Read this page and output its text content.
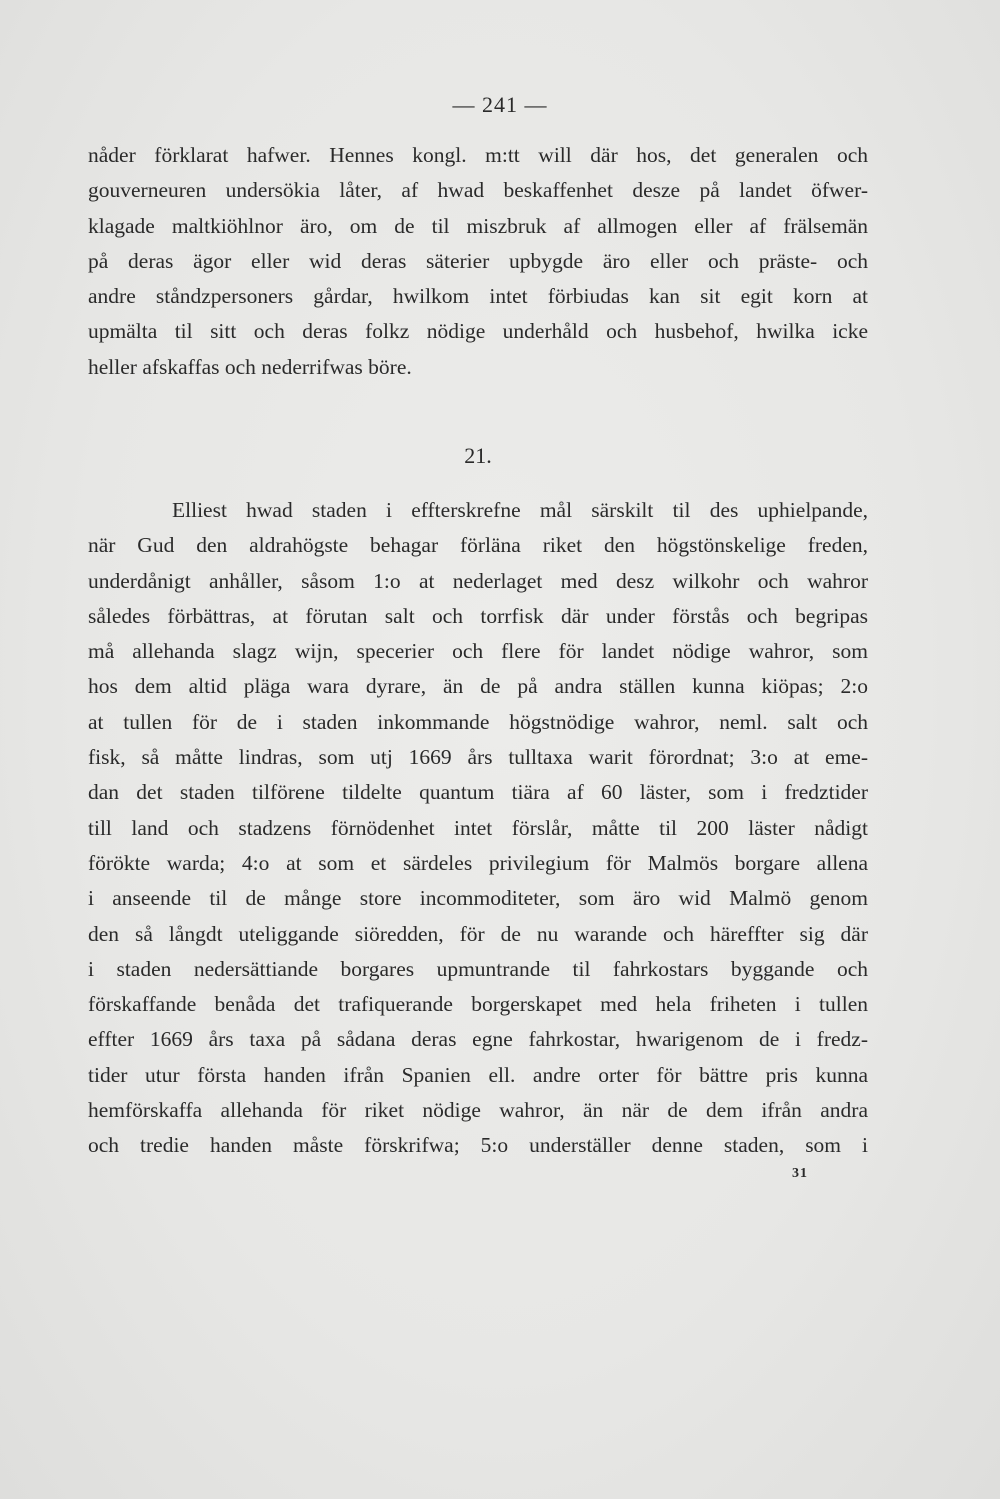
— 241 —
nåder förklarat hafwer. Hennes kongl. m:tt will där hos, det generalen och
gouverneuren undersökia låter, af hwad beskaffenhet desze på landet öfwer-
klagade maltkiöhlnor äro, om de til miszbruk af allmogen eller af frälsemän
på deras ägor eller wid deras säterier upbygde äro eller och präste- och
andre ståndzpersoners gårdar, hwilkom intet förbiudas kan sit egit korn at
upmälta til sitt och deras folkz nödige underhåld och husbehof, hwilka icke
heller afskaffas och nederrifwas böre.
21.
Elliest hwad staden i effterskrefne mål särskilt til des uphielpande,
när Gud den aldrahögste behagar förläna riket den högstönskelige freden,
underdånigt anhåller, såsom 1:o at nederlaget med desz wilkohr och wahror
således förbättras, at förutan salt och torrfisk där under förstås och begripas
må allehanda slagz wijn, specerier och flere för landet nödige wahror, som
hos dem altid pläga wara dyrare, än de på andra ställen kunna kiöpas; 2:o
at tullen för de i staden inkommande högstnödige wahror, neml. salt och
fisk, så måtte lindras, som utj 1669 års tulltaxa warit förordnat; 3:o at eme-
dan det staden tilförene tildelte quantum tiära af 60 läster, som i fredztider
till land och stadzens förnödenhet intet förslår, måtte til 200 läster nådigt
förökte warda; 4:o at som et särdeles privilegium för Malmös borgare allena
i anseende til de månge store incommoditeter, som äro wid Malmö genom
den så långdt uteliggande siöredden, för de nu warande och häreffter sig där
i staden nedersättiande borgares upmuntrande til fahrkostars byggande och
förskaffande benåda det trafiquerande borgerskapet med hela friheten i tullen
effter 1669 års taxa på sådana deras egne fahrkostar, hwarigenom de i fredz-
tider utur första handen ifrån Spanien ell. andre orter för bättre pris kunna
hemförskaffa allehanda för riket nödige wahror, än när de dem ifrån andra
och tredie handen måste förskrifwa; 5:o underställer denne staden, som i
31
